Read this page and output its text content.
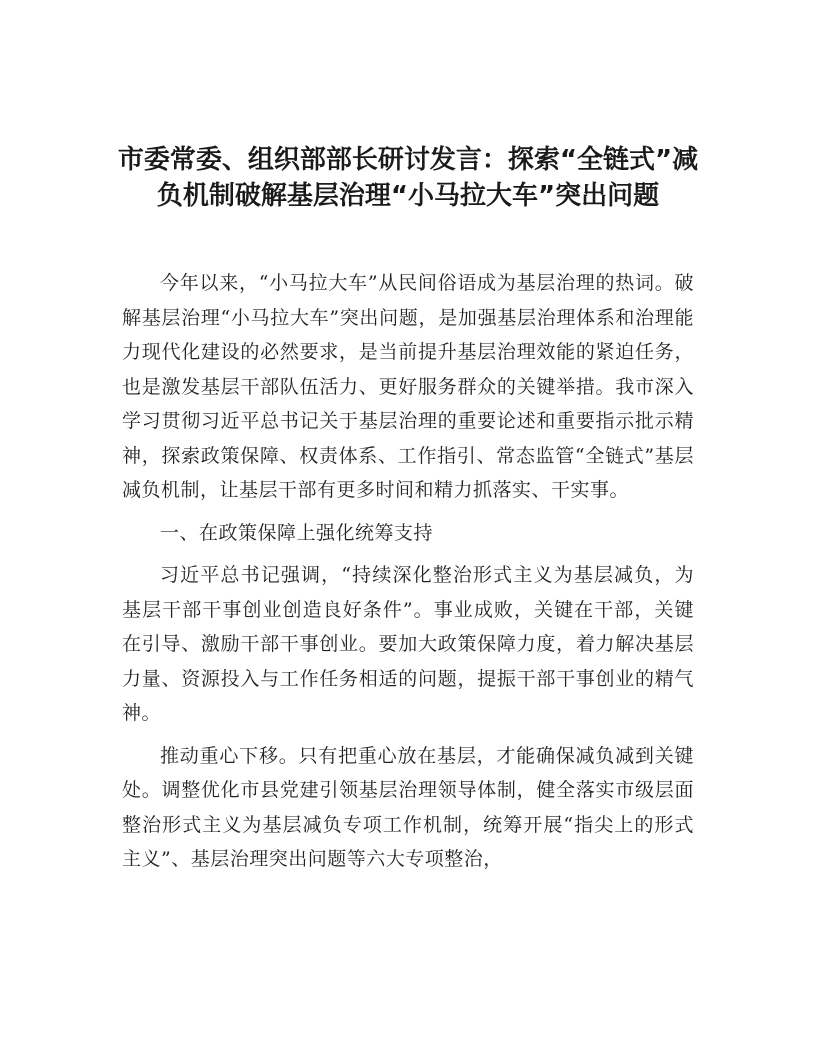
市委常委、组织部部长研讨发言：探索“全链式”减负机制破解基层治理“小马拉大车”突出问题

今年以来，“小马拉大车”从民间俗语成为基层治理的热词。破解基层治理“小马拉大车”突出问题，是加强基层治理体系和治理能力现代化建设的必然要求，是当前提升基层治理效能的紧迫任务，也是激发基层干部队伍活力、更好服务群众的关键举措。我市深入学习贯彻习近平总书记关于基层治理的重要论述和重要指示批示精神，探索政策保障、权责体系、工作指引、常态监管“全链式”基层减负机制，让基层干部有更多时间和精力抓落实、干实事。

一、在政策保障上强化统筹支持

习近平总书记强调，“持续深化整治形式主义为基层减负，为基层干部干事创业创造良好条件”。事业成败，关键在干部，关键在引导、激励干部干事创业。要加大政策保障力度，着力解决基层力量、资源投入与工作任务相适的问题，提振干部干事创业的精气神。

推动重心下移。只有把重心放在基层，才能确保减负减到关键处。调整优化市县党建引领基层治理领导体制，健全落实市级层面整治形式主义为基层减负专项工作机制，统筹开展“指尖上的形式主义”、基层治理突出问题等六大专项整治，
